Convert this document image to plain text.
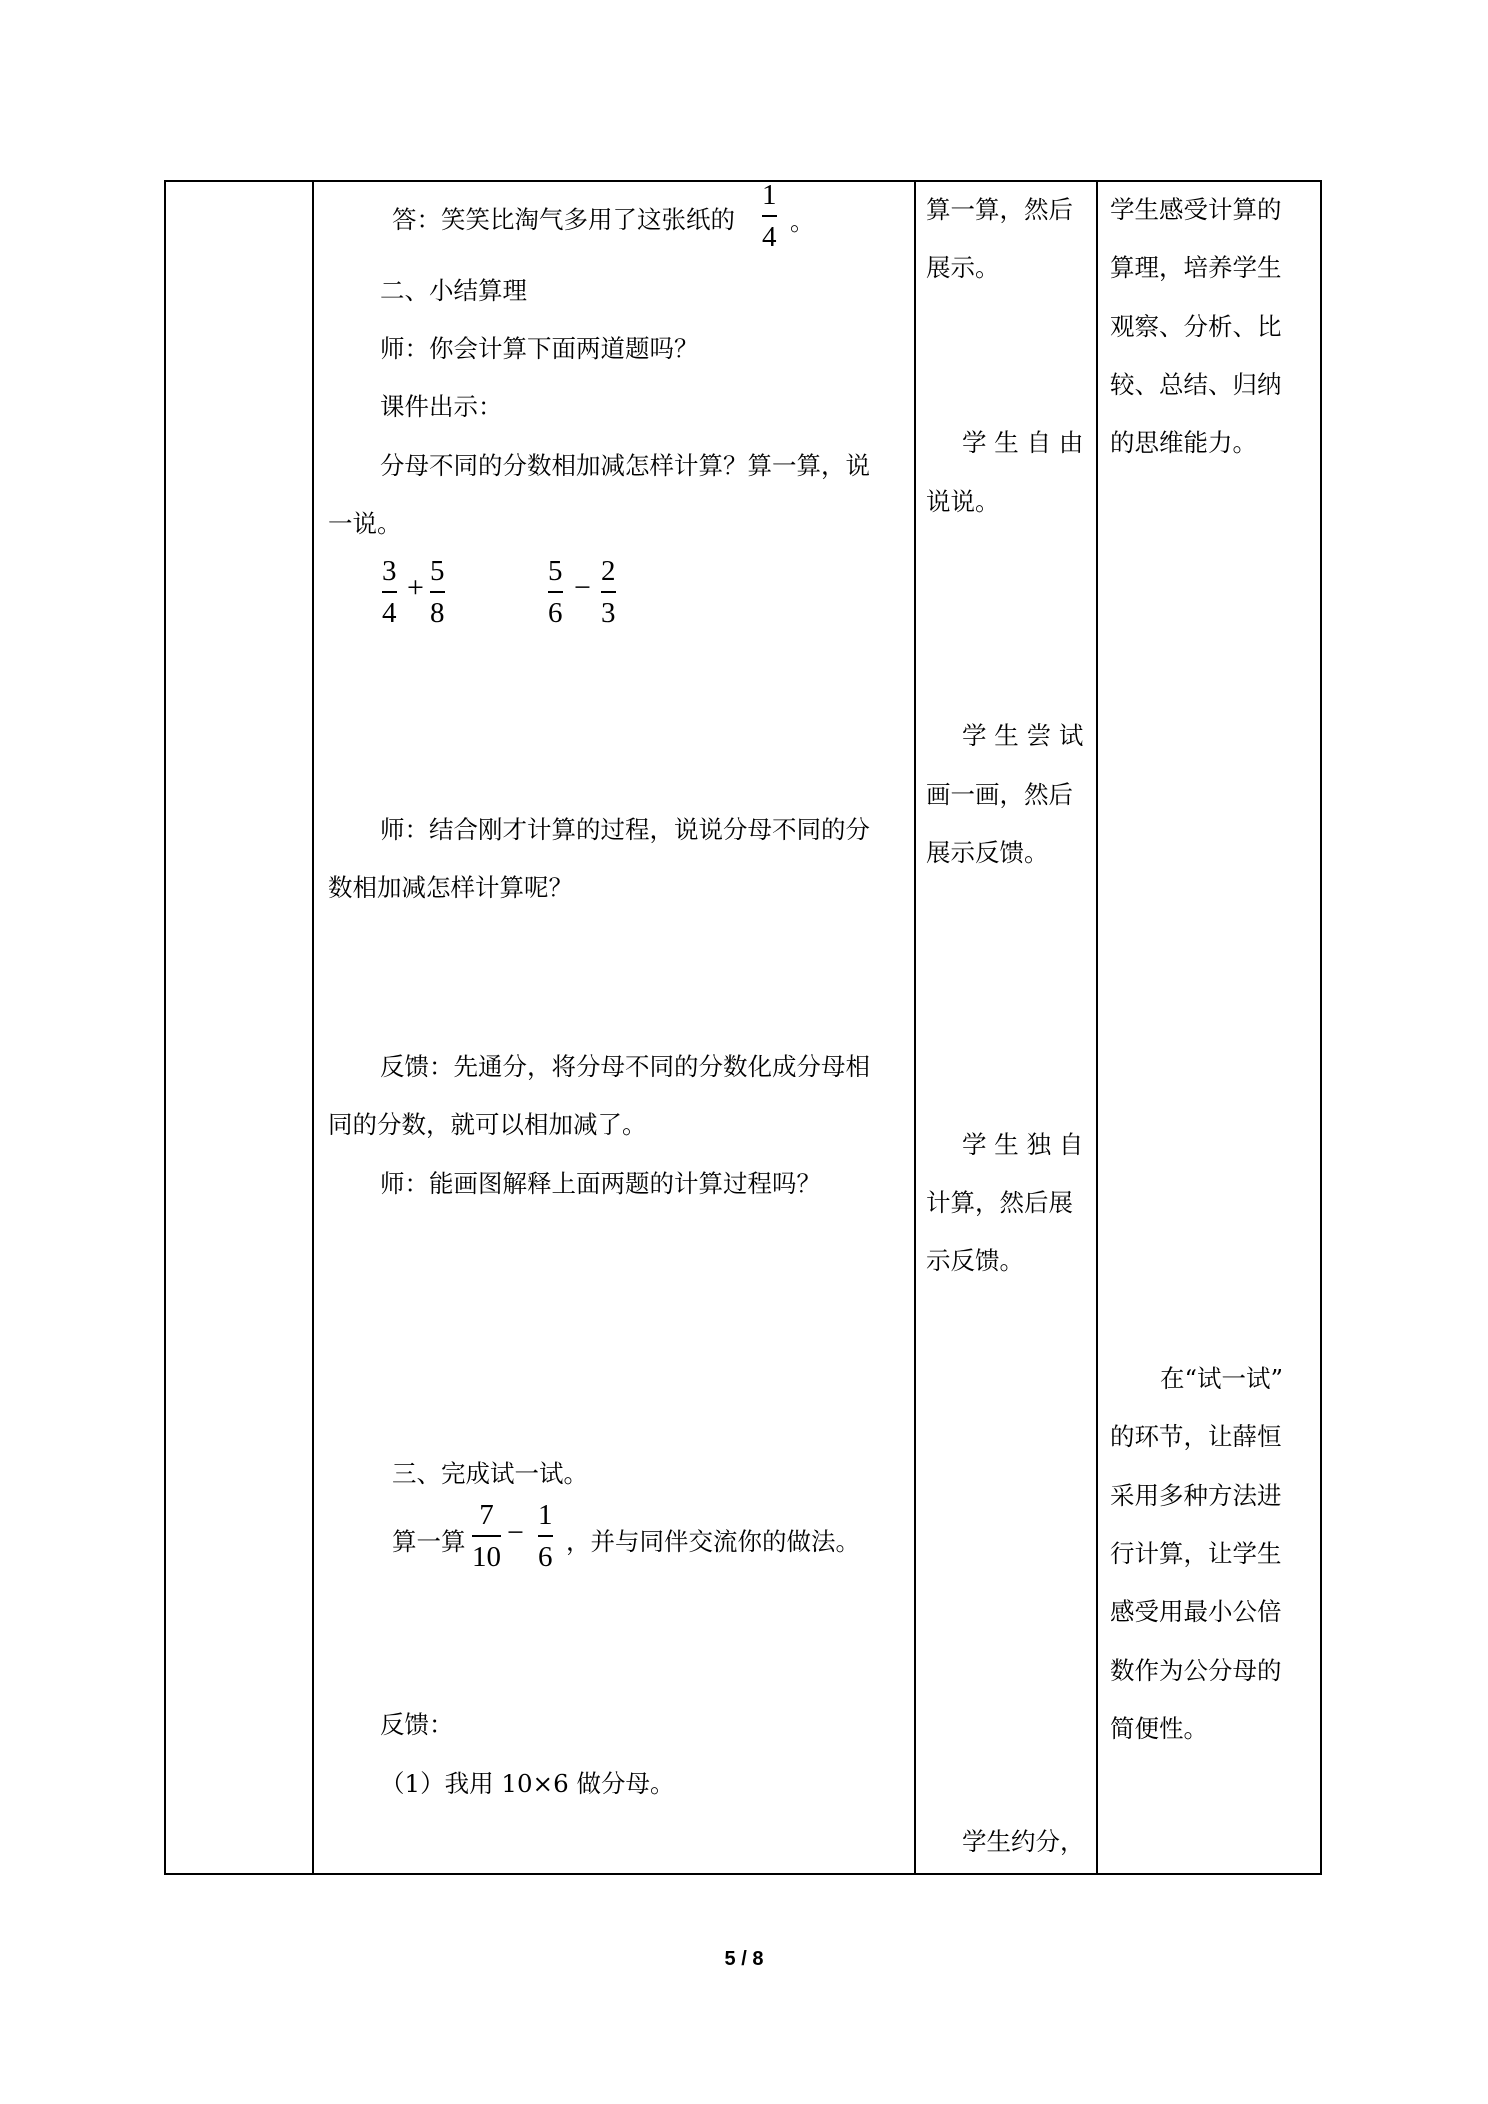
答：笑笑比淘气多用了这张纸的
1
4 。
二、小结算理
师：你会计算下面两道题吗？
课件出示：
分母不同的分数相加减怎样计算？算一算，说
一说。
3
4
+ 5
8
5
6
− 2
3
师：结合刚才计算的过程，说说分母不同的分
数相加减怎样计算呢？
反馈：先通分，将分母不同的分数化成分母相
同的分数，就可以相加减了。
师：能画图解释上面两题的计算过程吗？
三、完成试一试。
算一算
7
10
−
1
6 ，并与同伴交流你的做法。
反馈：
（1）我用 10×6 做分母。
算一算，然后
展示。
学 生 自 由
说说。
学 生 尝 试
画一画，然后
展示反馈。
学 生 独 自
计算，然后展
示反馈。
学生约分，
学生感受计算的
算理，培养学生
观察、分析、比
较、总结、归纳
的思维能力。
在“试一试”
的环节，让薛恒
采用多种方法进
行计算，让学生
感受用最小公倍
数作为公分母的
简便性。
5 / 8
